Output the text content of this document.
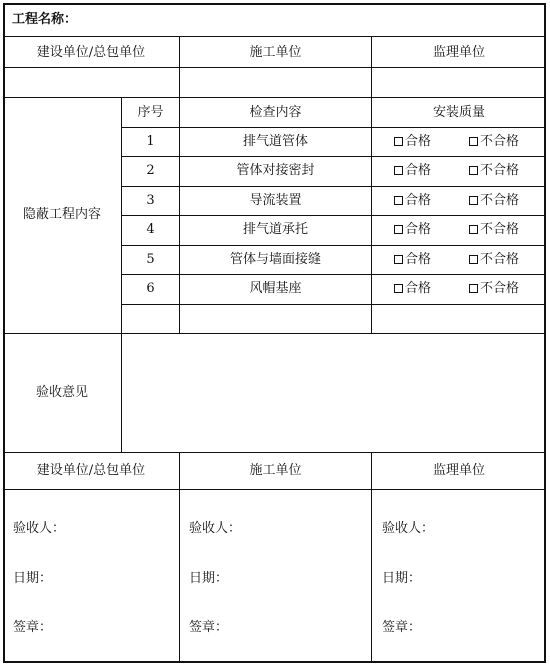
工程名称：
建设单位/总包单位	施工单位	监理单位
序号	检查内容	安装质量
隐蔽工程内容
1	排气道管体	合格	不合格
2	管体对接密封	合格	不合格
3	导流装置	合格	不合格
4	排气道承托	合格	不合格
5	管体与墙面接缝	合格	不合格
6	风帽基座	合格	不合格
验收意见
建设单位/总包单位	施工单位	监理单位
验收人：	验收人：	验收人：
日期：	日期：	日期：
签章：	签章：	签章：
